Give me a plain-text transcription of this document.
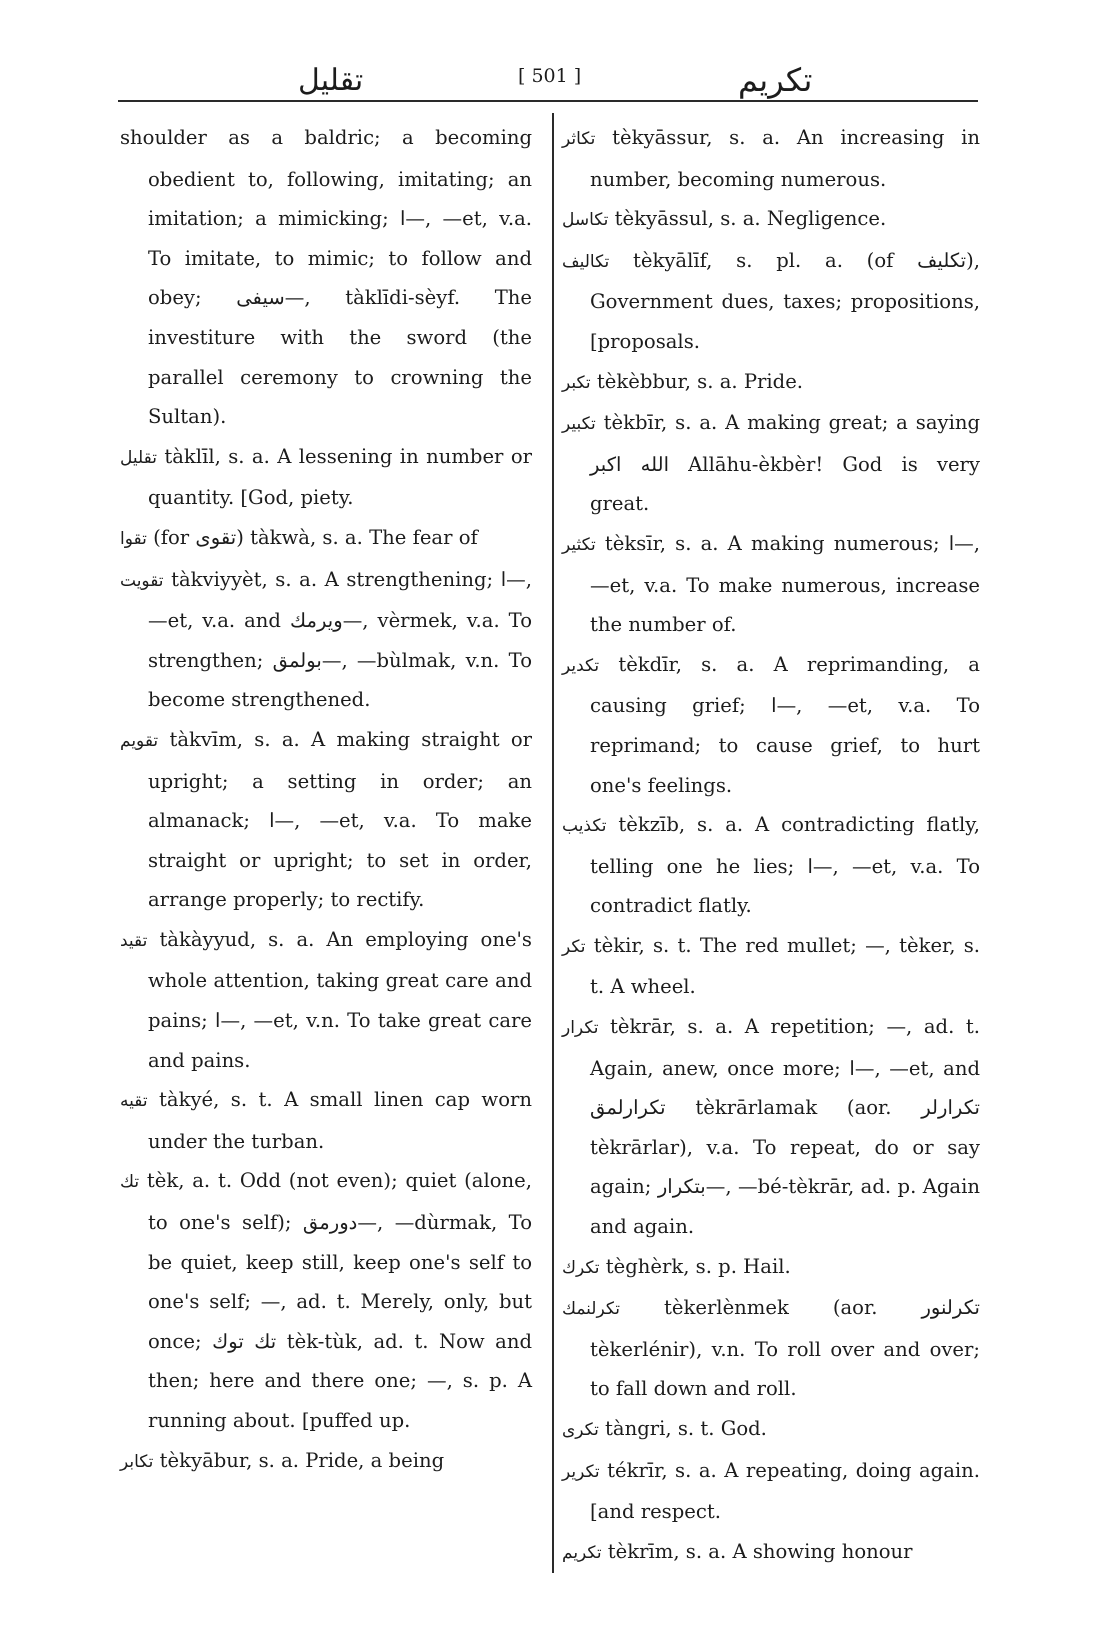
تقليل	[ 501 ]	تكريم

shoulder as a baldric; a becoming obedient to, following, imitating; an imitation; a mimicking; ا—, —et, v.a. To imitate, to mimic; to follow and obey; سيفى—, tàklīdi-sèyf. The investiture with the sword (the parallel ceremony to crowning the Sultan).

تقليل tàklīl, s. a. A lessening in number or quantity. [God, piety.

تقوا (for تقوى) tàkwà, s. a. The fear of

تقويت tàkviyyèt, s. a. A strengthening; ا—, —et, v.a. and ويرمك—, vèrmek, v.a. To strengthen; بولمق—, —bùlmak, v.n. To become strengthened.

تقويم tàkvīm, s. a. A making straight or upright; a setting in order; an almanack; ا—, —et, v.a. To make straight or upright; to set in order, arrange properly; to rectify.

تقيد tàkàyyud, s. a. An employing one's whole attention, taking great care and pains; ا—, —et, v.n. To take great care and pains.

تقيه tàkyé, s. t. A small linen cap worn under the turban.

تك tèk, a. t. Odd (not even); quiet (alone, to one's self); دورمق—, —dùrmak, To be quiet, keep still, keep one's self to one's self; —, ad. t. Merely, only, but once; تك توك tèk-tùk, ad. t. Now and then; here and there one; —, s. p. A running about. [puffed up.

تكابر tèkyābur, s. a. Pride, a being

تكاثر tèkyāssur, s. a. An increasing in number, becoming numerous.

تكاسل tèkyāssul, s. a. Negligence.

تكاليف tèkyālīf, s. pl. a. (of تكليف), Government dues, taxes; propositions, [proposals.

تكبر tèkèbbur, s. a. Pride.

تكبير tèkbīr, s. a. A making great; a saying الله اكبر Allāhu-èkbèr! God is very great.

تكثير tèksīr, s. a. A making numerous; ا—, —et, v.a. To make numerous, increase the number of.

تكدير tèkdīr, s. a. A reprimanding, a causing grief; ا—, —et, v.a. To reprimand; to cause grief, to hurt one's feelings.

تكذيب tèkzīb, s. a. A contradicting flatly, telling one he lies; ا—, —et, v.a. To contradict flatly.

تكر tèkir, s. t. The red mullet; —, tèker, s. t. A wheel.

تكرار tèkrār, s. a. A repetition; —, ad. t. Again, anew, once more; ا—, —et, and تكرارلمق tèkrārlamak (aor. تكرارلر tèkrārlar), v.a. To repeat, do or say again; بتكرار—, —bé-tèkrār, ad. p. Again and again.

تكرك tèghèrk, s. p. Hail.

تكرلنمك tèkerlènmek (aor. تكرلنور tèkerlénir), v.n. To roll over and over; to fall down and roll.

تكرى tàngri, s. t. God.

تكرير tékrīr, s. a. A repeating, doing again. [and respect.

تكريم tèkrīm, s. a. A showing honour
